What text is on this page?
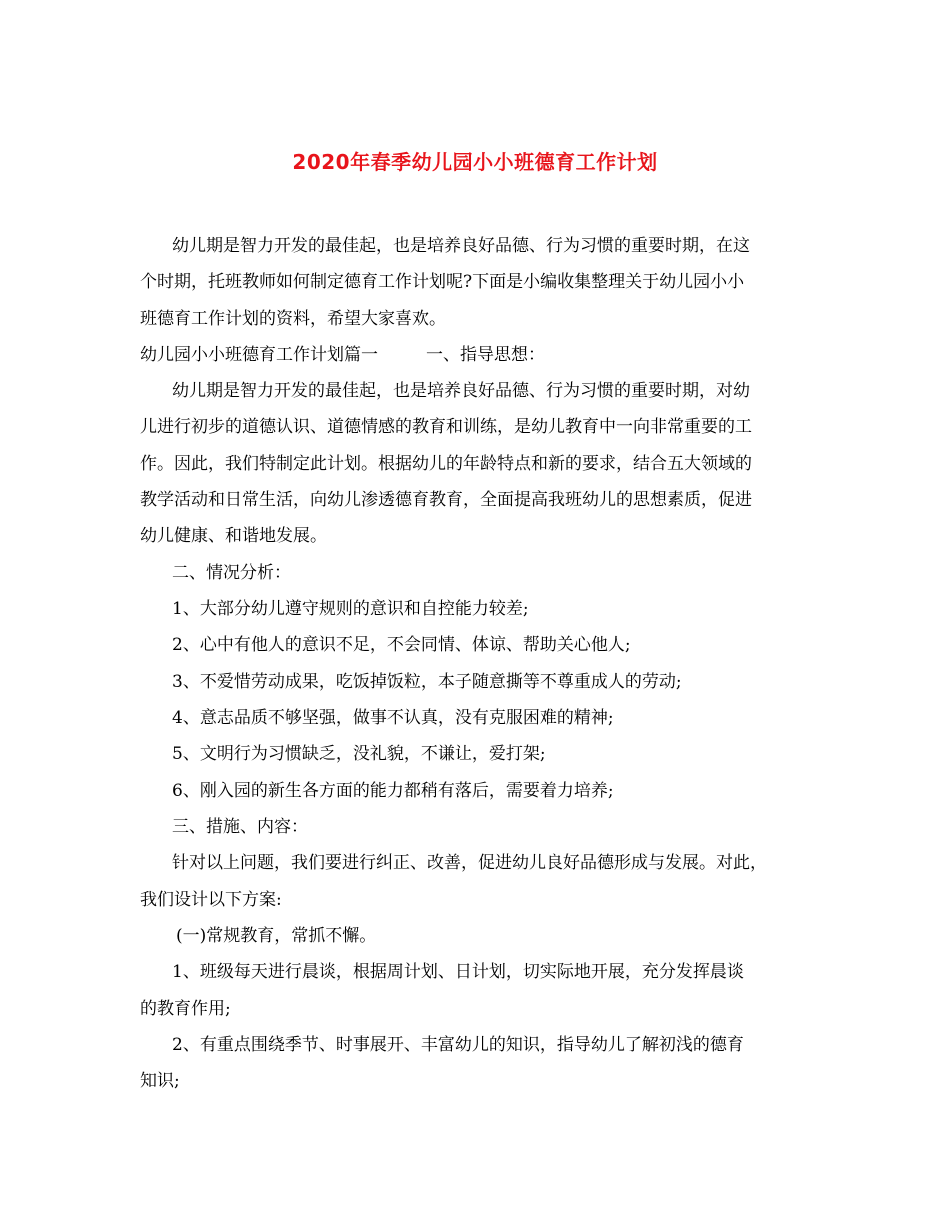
2020年春季幼儿园小小班德育工作计划
幼儿期是智力开发的最佳起，也是培养良好品德、行为习惯的重要时期，在这
个时期，托班教师如何制定德育工作计划呢?下面是小编收集整理关于幼儿园小小
班德育工作计划的资料，希望大家喜欢。
幼儿园小小班德育工作计划篇一	一、指导思想：
幼儿期是智力开发的最佳起，也是培养良好品德、行为习惯的重要时期，对幼
儿进行初步的道德认识、道德情感的教育和训练，是幼儿教育中一向非常重要的工
作。因此，我们特制定此计划。根据幼儿的年龄特点和新的要求，结合五大领域的
教学活动和日常生活，向幼儿渗透德育教育，全面提高我班幼儿的思想素质，促进
幼儿健康、和谐地发展。
二、情况分析：
1、大部分幼儿遵守规则的意识和自控能力较差;
2、心中有他人的意识不足，不会同情、体谅、帮助关心他人;
3、不爱惜劳动成果，吃饭掉饭粒，本子随意撕等不尊重成人的劳动;
4、意志品质不够坚强，做事不认真，没有克服困难的精神;
5、文明行为习惯缺乏，没礼貌，不谦让，爱打架;
6、刚入园的新生各方面的能力都稍有落后，需要着力培养;
三、措施、内容：
针对以上问题，我们要进行纠正、改善，促进幼儿良好品德形成与发展。对此，
我们设计以下方案:
(一)常规教育，常抓不懈。
1、班级每天进行晨谈，根据周计划、日计划，切实际地开展，充分发挥晨谈
的教育作用;
2、有重点围绕季节、时事展开、丰富幼儿的知识，指导幼儿了解初浅的德育
知识;
